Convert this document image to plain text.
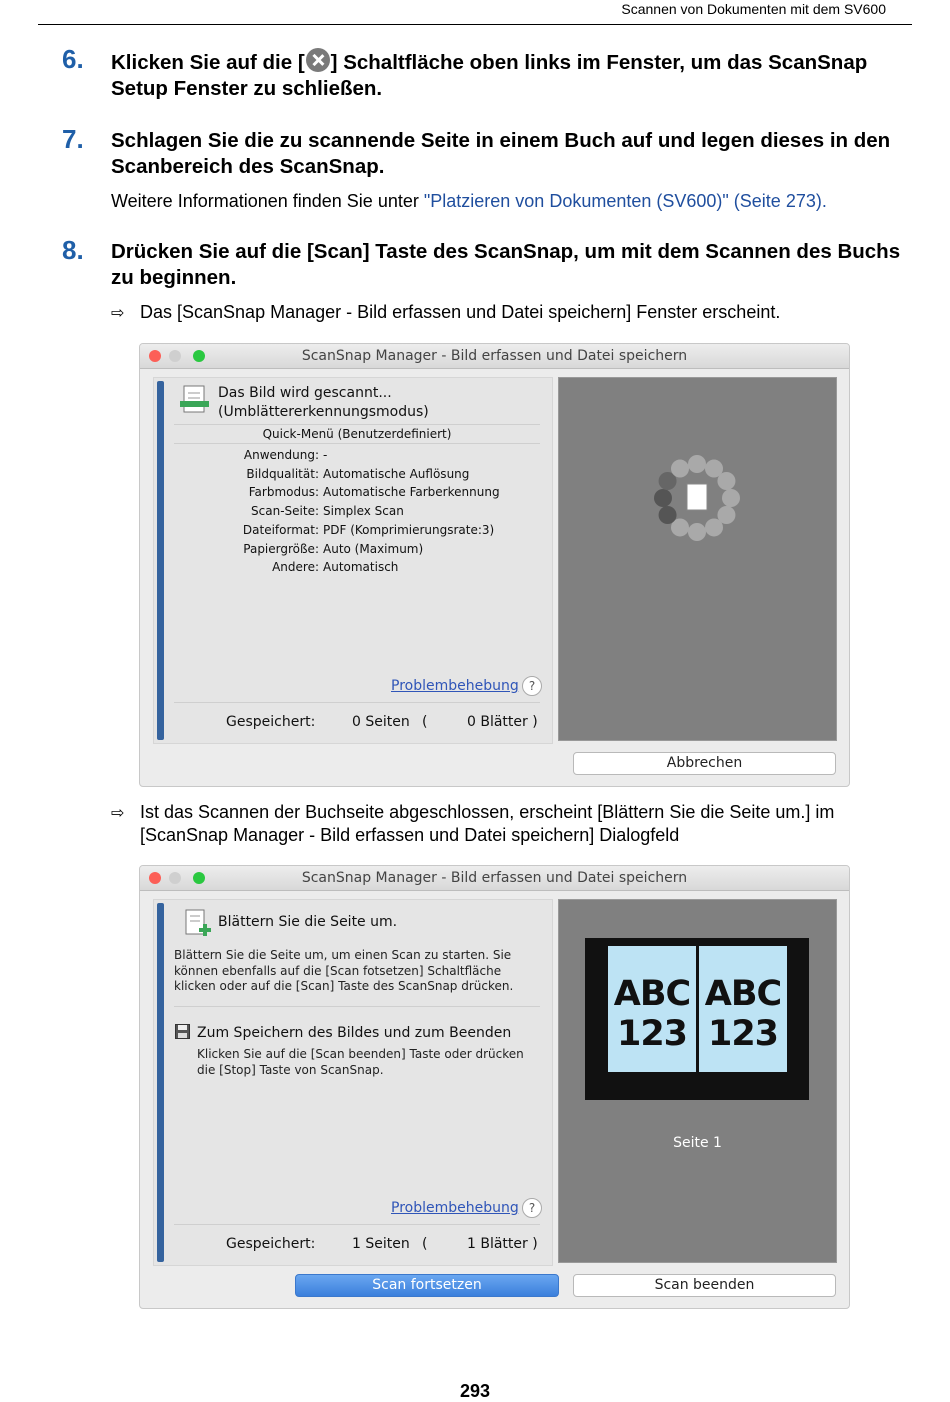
Scannen von Dokumenten mit dem SV600
6. Klicken Sie auf die [ ] Schaltfläche oben links im Fenster, um das ScanSnap Setup Fenster zu schließen.
7. Schlagen Sie die zu scannende Seite in einem Buch auf und legen dieses in den Scanbereich des ScanSnap.
Weitere Informationen finden Sie unter "Platzieren von Dokumenten (SV600)" (Seite 273).
8. Drücken Sie auf die [Scan] Taste des ScanSnap, um mit dem Scannen des Buchs zu beginnen.
⇨ Das [ScanSnap Manager - Bild erfassen und Datei speichern] Fenster erscheint.
ScanSnap Manager - Bild erfassen und Datei speichern
Das Bild wird gescannt...
(Umblättererkennungsmodus)
Quick-Menü (Benutzerdefiniert)
Anwendung: -
Bildqualität: Automatische Auflösung
Farbmodus: Automatische Farberkennung
Scan-Seite: Simplex Scan
Dateiformat: PDF (Komprimierungsrate:3)
Papiergröße: Auto (Maximum)
Andere: Automatisch
Problembehebung ?
Gespeichert:	0 Seiten (	0 Blätter )
Abbrechen
⇨ Ist das Scannen der Buchseite abgeschlossen, erscheint [Blättern Sie die Seite um.] im [ScanSnap Manager - Bild erfassen und Datei speichern] Dialogfeld
ScanSnap Manager - Bild erfassen und Datei speichern
Blättern Sie die Seite um.
Blättern Sie die Seite um, um einen Scan zu starten. Sie können ebenfalls auf die [Scan fotsetzen] Schaltfläche klicken oder auf die [Scan] Taste des ScanSnap drücken.
Zum Speichern des Bildes und zum Beenden
Klicken Sie auf die [Scan beenden] Taste oder drücken die [Stop] Taste von ScanSnap.
Problembehebung ?
Gespeichert:	1 Seiten (	1 Blätter )
ABC
123
ABC
123
Seite 1
Scan fortsetzen	Scan beenden
293
